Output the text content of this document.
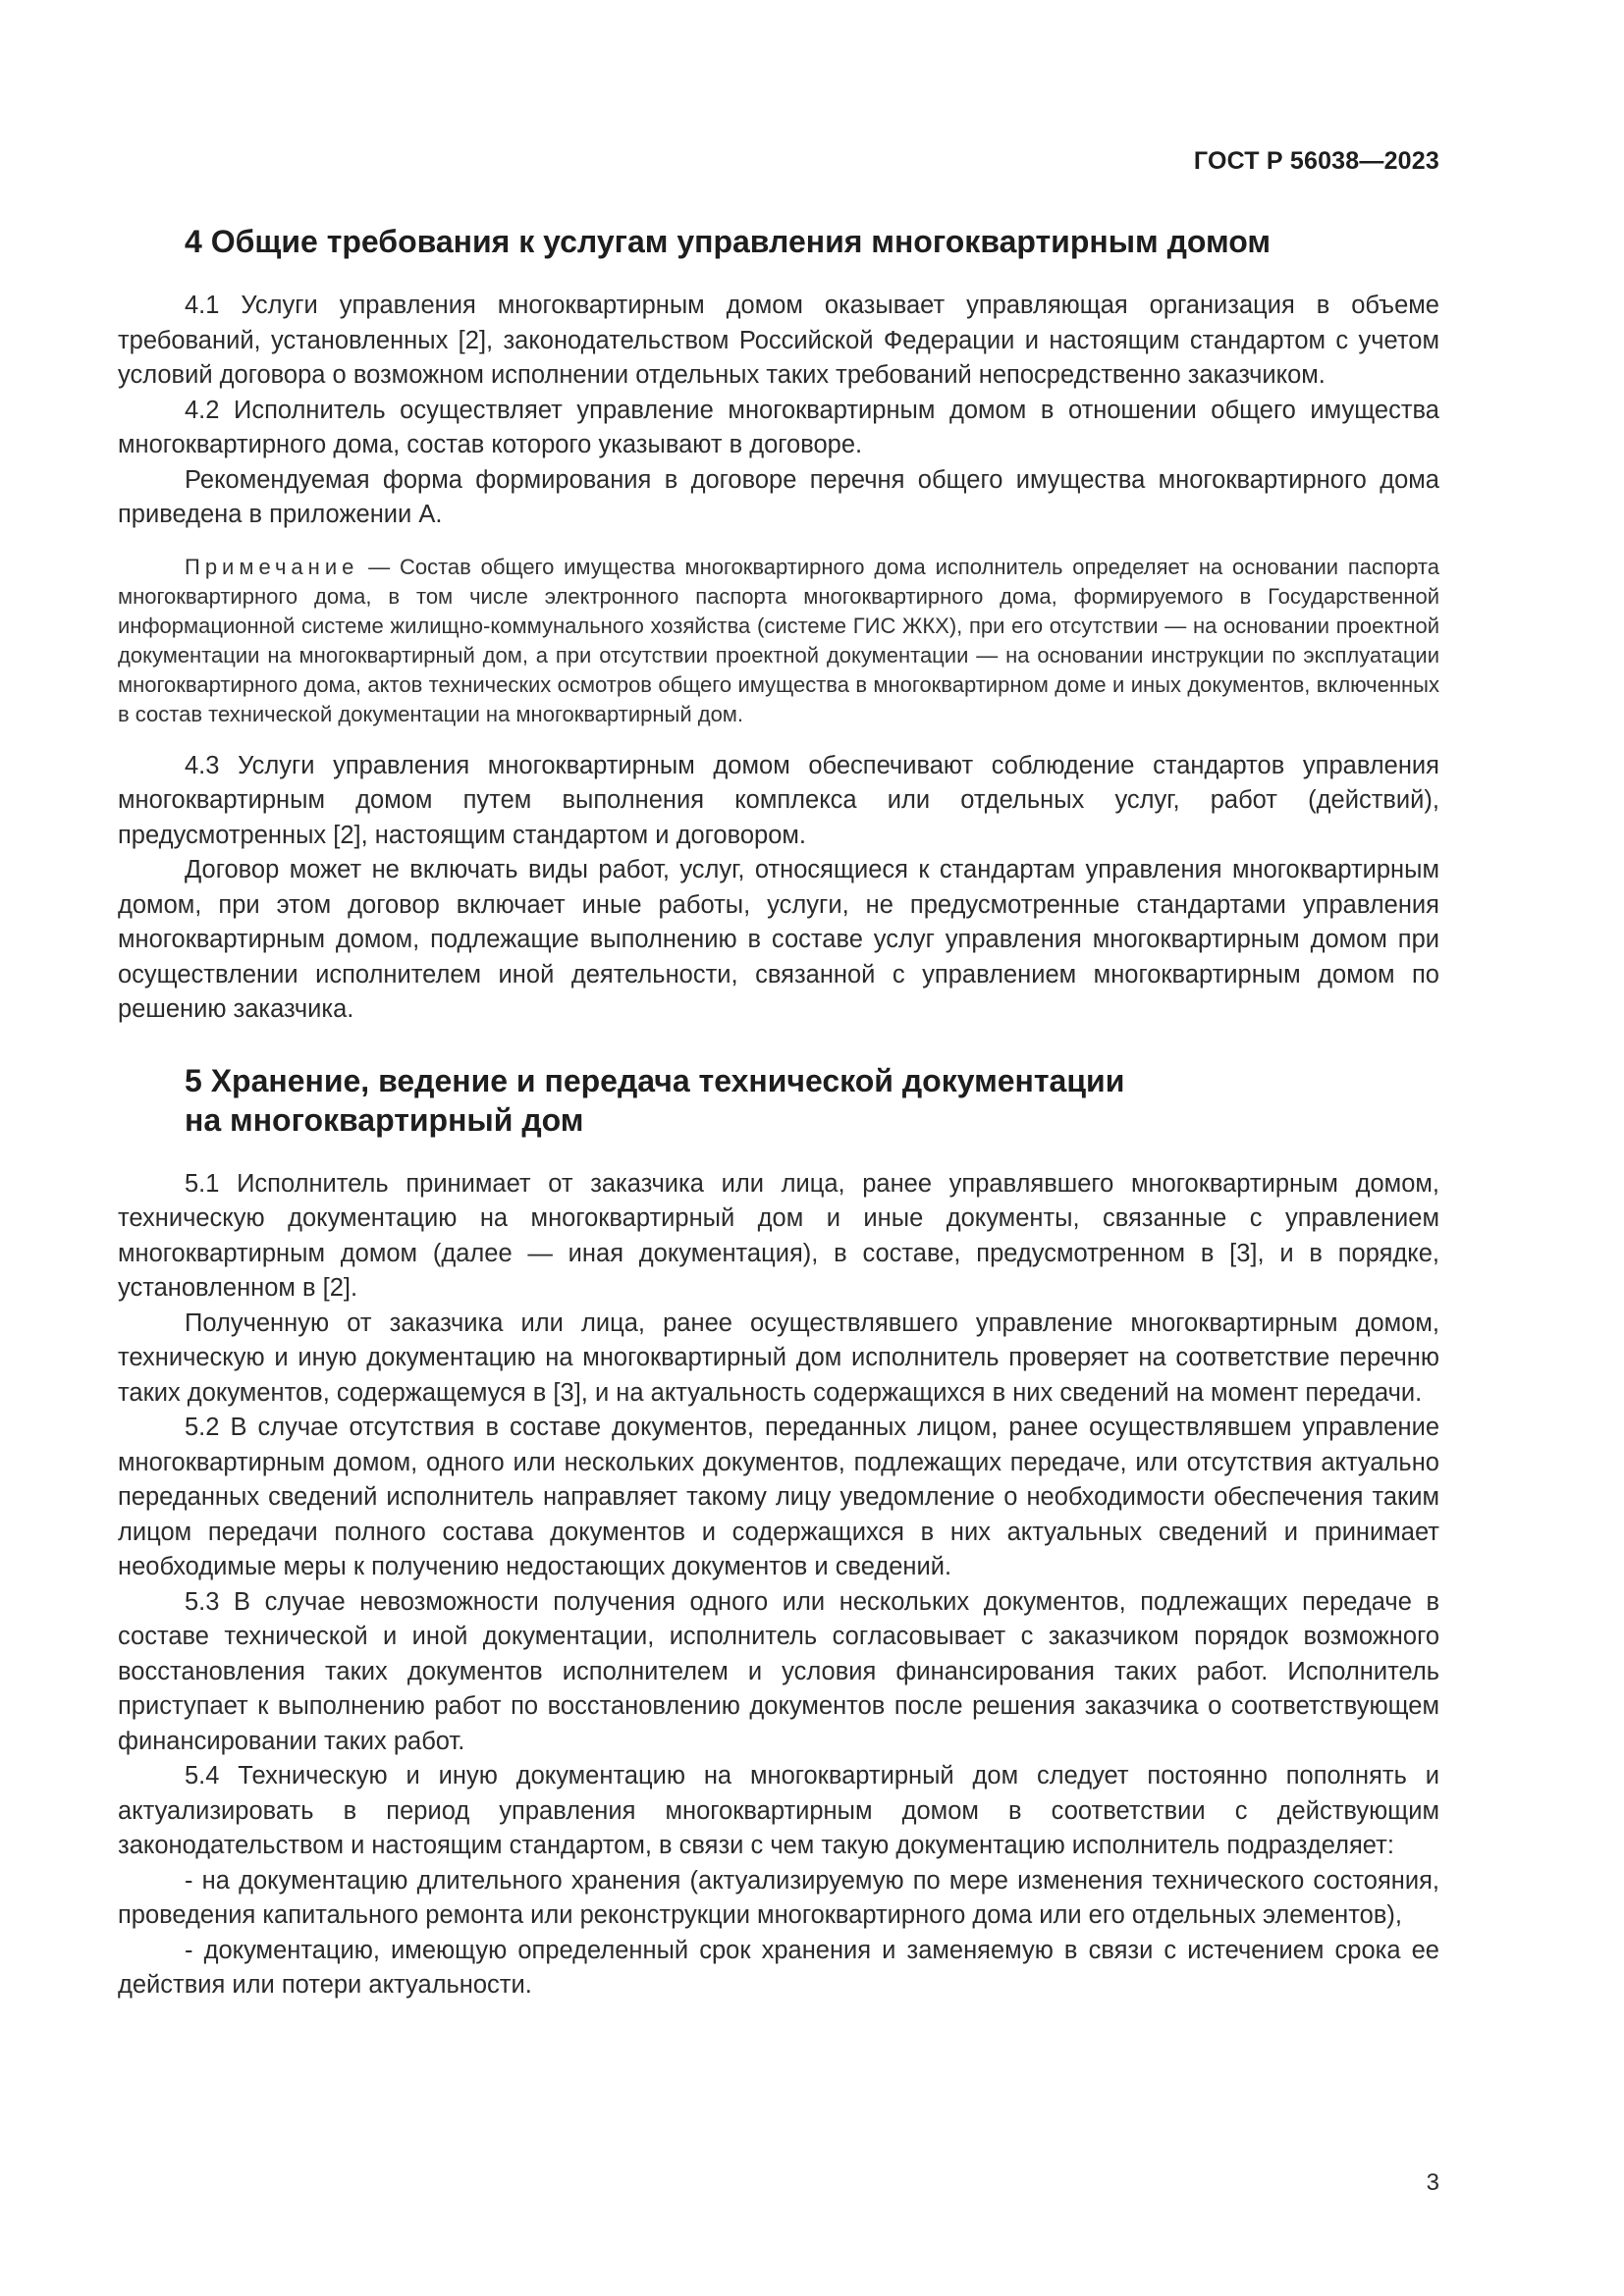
ГОСТ Р 56038—2023
4 Общие требования к услугам управления многоквартирным домом

4.1 Услуги управления многоквартирным домом оказывает управляющая организация в объеме требований, установленных [2], законодательством Российской Федерации и настоящим стандартом с учетом условий договора о возможном исполнении отдельных таких требований непосредственно заказчиком.

4.2 Исполнитель осуществляет управление многоквартирным домом в отношении общего имущества многоквартирного дома, состав которого указывают в договоре.

Рекомендуемая форма формирования в договоре перечня общего имущества многоквартирного дома приведена в приложении А.

Примечание — Состав общего имущества многоквартирного дома исполнитель определяет на основании паспорта многоквартирного дома, в том числе электронного паспорта многоквартирного дома, формируемого в Государственной информационной системе жилищно-коммунального хозяйства (системе ГИС ЖКХ), при его отсутствии — на основании проектной документации на многоквартирный дом, а при отсутствии проектной документации — на основании инструкции по эксплуатации многоквартирного дома, актов технических осмотров общего имущества в многоквартирном доме и иных документов, включенных в состав технической документации на многоквартирный дом.

4.3 Услуги управления многоквартирным домом обеспечивают соблюдение стандартов управления многоквартирным домом путем выполнения комплекса или отдельных услуг, работ (действий), предусмотренных [2], настоящим стандартом и договором.

Договор может не включать виды работ, услуг, относящиеся к стандартам управления многоквартирным домом, при этом договор включает иные работы, услуги, не предусмотренные стандартами управления многоквартирным домом, подлежащие выполнению в составе услуг управления многоквартирным домом при осуществлении исполнителем иной деятельности, связанной с управлением многоквартирным домом по решению заказчика.

5 Хранение, ведение и передача технической документации
на многоквартирный дом

5.1 Исполнитель принимает от заказчика или лица, ранее управлявшего многоквартирным домом, техническую документацию на многоквартирный дом и иные документы, связанные с управлением многоквартирным домом (далее — иная документация), в составе, предусмотренном в [3], и в порядке, установленном в [2].

Полученную от заказчика или лица, ранее осуществлявшего управление многоквартирным домом, техническую и иную документацию на многоквартирный дом исполнитель проверяет на соответствие перечню таких документов, содержащемуся в [3], и на актуальность содержащихся в них сведений на момент передачи.

5.2 В случае отсутствия в составе документов, переданных лицом, ранее осуществлявшем управление многоквартирным домом, одного или нескольких документов, подлежащих передаче, или отсутствия актуально переданных сведений исполнитель направляет такому лицу уведомление о необходимости обеспечения таким лицом передачи полного состава документов и содержащихся в них актуальных сведений и принимает необходимые меры к получению недостающих документов и сведений.

5.3 В случае невозможности получения одного или нескольких документов, подлежащих передаче в составе технической и иной документации, исполнитель согласовывает с заказчиком порядок возможного восстановления таких документов исполнителем и условия финансирования таких работ. Исполнитель приступает к выполнению работ по восстановлению документов после решения заказчика о соответствующем финансировании таких работ.

5.4 Техническую и иную документацию на многоквартирный дом следует постоянно пополнять и актуализировать в период управления многоквартирным домом в соответствии с действующим законодательством и настоящим стандартом, в связи с чем такую документацию исполнитель подразделяет:

- на документацию длительного хранения (актуализируемую по мере изменения технического состояния, проведения капитального ремонта или реконструкции многоквартирного дома или его отдельных элементов),

- документацию, имеющую определенный срок хранения и заменяемую в связи с истечением срока ее действия или потери актуальности.

3
